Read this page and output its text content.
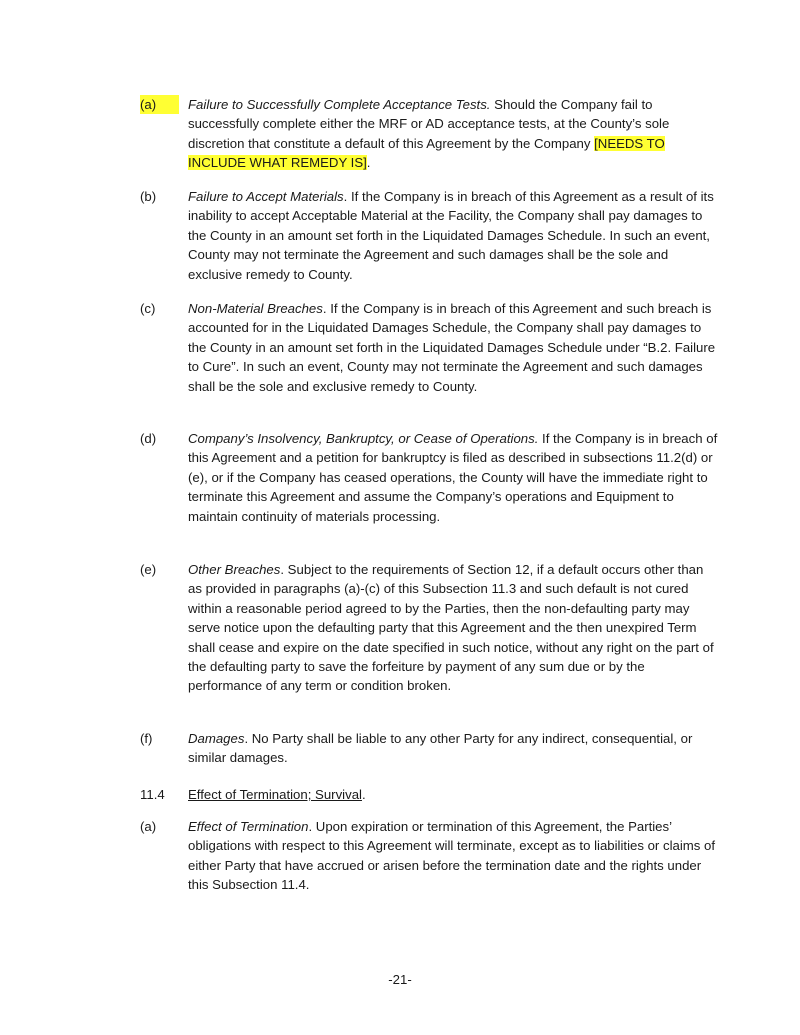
(a)	Failure to Successfully Complete Acceptance Tests. Should the Company fail to successfully complete either the MRF or AD acceptance tests, at the County’s sole discretion that constitute a default of this Agreement by the Company [NEEDS TO INCLUDE WHAT REMEDY IS].
(b) Failure to Accept Materials. If the Company is in breach of this Agreement as a result of its inability to accept Acceptable Material at the Facility, the Company shall pay damages to the County in an amount set forth in the Liquidated Damages Schedule. In such an event, County may not terminate the Agreement and such damages shall be the sole and exclusive remedy to County.
(c) Non-Material Breaches. If the Company is in breach of this Agreement and such breach is accounted for in the Liquidated Damages Schedule, the Company shall pay damages to the County in an amount set forth in the Liquidated Damages Schedule under “B.2. Failure to Cure”. In such an event, County may not terminate the Agreement and such damages shall be the sole and exclusive remedy to County.
(d) Company’s Insolvency, Bankruptcy, or Cease of Operations. If the Company is in breach of this Agreement and a petition for bankruptcy is filed as described in subsections 11.2(d) or (e), or if the Company has ceased operations, the County will have the immediate right to terminate this Agreement and assume the Company’s operations and Equipment to maintain continuity of materials processing.
(e) Other Breaches. Subject to the requirements of Section 12, if a default occurs other than as provided in paragraphs (a)-(c) of this Subsection 11.3 and such default is not cured within a reasonable period agreed to by the Parties, then the non-defaulting party may serve notice upon the defaulting party that this Agreement and the then unexpired Term shall cease and expire on the date specified in such notice, without any right on the part of the defaulting party to save the forfeiture by payment of any sum due or by the performance of any term or condition broken.
(f)	Damages. No Party shall be liable to any other Party for any indirect, consequential, or similar damages.
11.4 Effect of Termination; Survival.
(a) Effect of Termination. Upon expiration or termination of this Agreement, the Parties’ obligations with respect to this Agreement will terminate, except as to liabilities or claims of either Party that have accrued or arisen before the termination date and the rights under this Subsection 11.4.
-21-
